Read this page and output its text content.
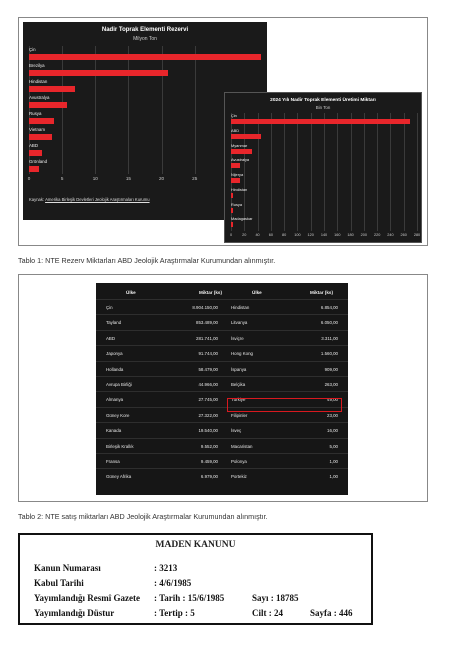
Nadir Toprak Elementi Rezervi
Milyon Ton
0	5	10	15	20	25
Çin
Brezilya
Hindistan
Avustralya
Rusya
Vietnam
ABD
Grönland
Kaynak: Amerika Birleşik Devletleri Jeolojik Araştırmaları Kurumu
2024 Yılı Nadir Toprak Elementi Üretimi Miktarı
Bin Ton
0	20	40	60	80	100	120	140	160	180	200	220	240	260	280
Çin
ABD
Myanmar
Avustralya
Nijerya
Hindistan
Rusya
Madagaskar
Tablo 1: NTE Rezerv Miktarları ABD Jeolojik Araştırmalar Kurumundan alınmıştır.
Ülke	Miktar (ks)	Ülke	Miktar (ks)
Çin	8.904.150,00	Hindistan	6.854,00
Tayland	853.489,00	Litvanya	6.050,00
ABD	281.741,00	İsviçre	3.311,00
Japonya	91.744,00	Hong Kong	1.560,00
Hollanda	58.479,00	İspanya	909,00
Avrupa Birliği	44.966,00	Belçika	263,00
Almanya	27.745,00	Türkiye	49,00
Güney Kore	27.322,00	Filipinler	23,00
Kanada	19.540,00	İsveç	16,00
Birleşik Krallık	9.552,00	Macaristan	5,00
Fransa	9.459,00	Polonya	1,00
Güney Afrika	6.979,00	Portekiz	1,00
Tablo 2: NTE satış miktarları ABD Jeolojik Araştırmalar Kurumundan alınmıştır.
MADEN KANUNU
Kanun Numarası	: 3213
Kabul Tarihi	: 4/6/1985
Yayımlandığı Resmî Gazete : Tarih : 15/6/1985	Sayı : 18785
Yayımlandığı Düstur	: Tertip : 5	Cilt : 24	Sayfa : 446
